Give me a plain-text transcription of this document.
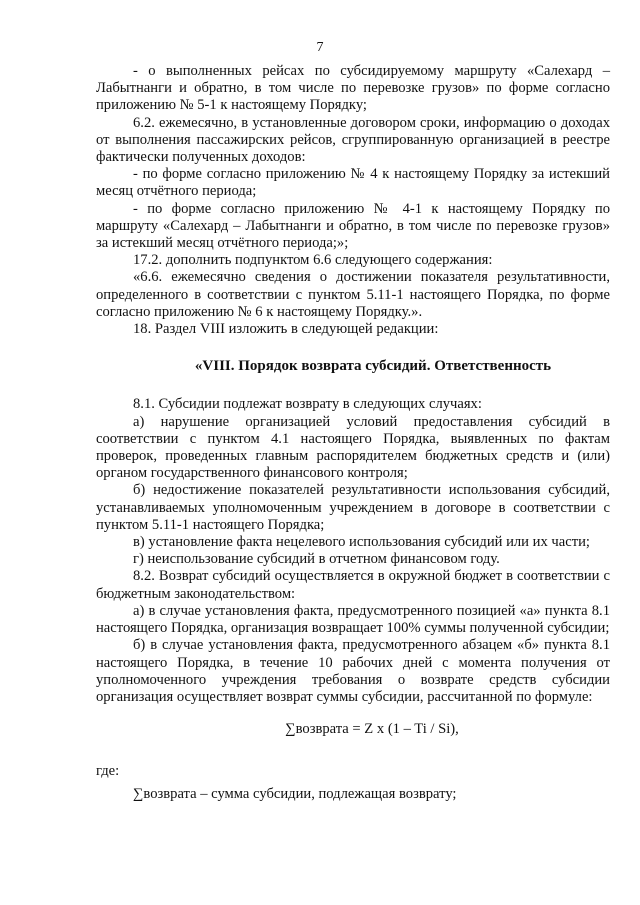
7

- о выполненных рейсах по субсидируемому маршруту «Салехард – Лабытнанги и обратно, в том числе по перевозке грузов» по форме согласно приложению № 5-1 к настоящему Порядку;

6.2. ежемесячно, в установленные договором сроки, информацию о доходах от выполнения пассажирских рейсов, сгруппированную организацией в реестре фактически полученных доходов:

- по форме согласно приложению № 4 к настоящему Порядку за истекший месяц отчётного периода;

- по форме согласно приложению № 4-1 к настоящему Порядку по маршруту «Салехард – Лабытнанги и обратно, в том числе по перевозке грузов» за истекший месяц отчётного периода;»;

17.2. дополнить подпунктом 6.6 следующего содержания:

«6.6. ежемесячно сведения о достижении показателя результативности, определенного в соответствии с пунктом 5.11-1 настоящего Порядка, по форме согласно приложению № 6 к настоящему Порядку.».

18. Раздел VIII изложить в следующей редакции:

«VIII. Порядок возврата субсидий. Ответственность

8.1. Субсидии подлежат возврату в следующих случаях:

а) нарушение организацией условий предоставления субсидий в соответствии с пунктом 4.1 настоящего Порядка, выявленных по фактам проверок, проведенных главным распорядителем бюджетных средств и (или) органом государственного финансового контроля;

б) недостижение показателей результативности использования субсидий, устанавливаемых уполномоченным учреждением в договоре в соответствии с пунктом 5.11-1 настоящего Порядка;

в) установление факта нецелевого использования субсидий или их части;

г) неиспользование субсидий в отчетном финансовом году.

8.2. Возврат субсидий осуществляется в окружной бюджет в соответствии с бюджетным законодательством:

а) в случае установления факта, предусмотренного позицией «а» пункта 8.1 настоящего Порядка, организация возвращает 100% суммы полученной субсидии;

б) в случае установления факта, предусмотренного абзацем «б» пункта 8.1 настоящего Порядка, в течение 10 рабочих дней с момента получения от уполномоченного учреждения требования о возврате средств субсидии организация осуществляет возврат суммы субсидии, рассчитанной по формуле:

∑возврата = Z x (1 – Ti / Si),

где:

∑возврата – сумма субсидии, подлежащая возврату;
